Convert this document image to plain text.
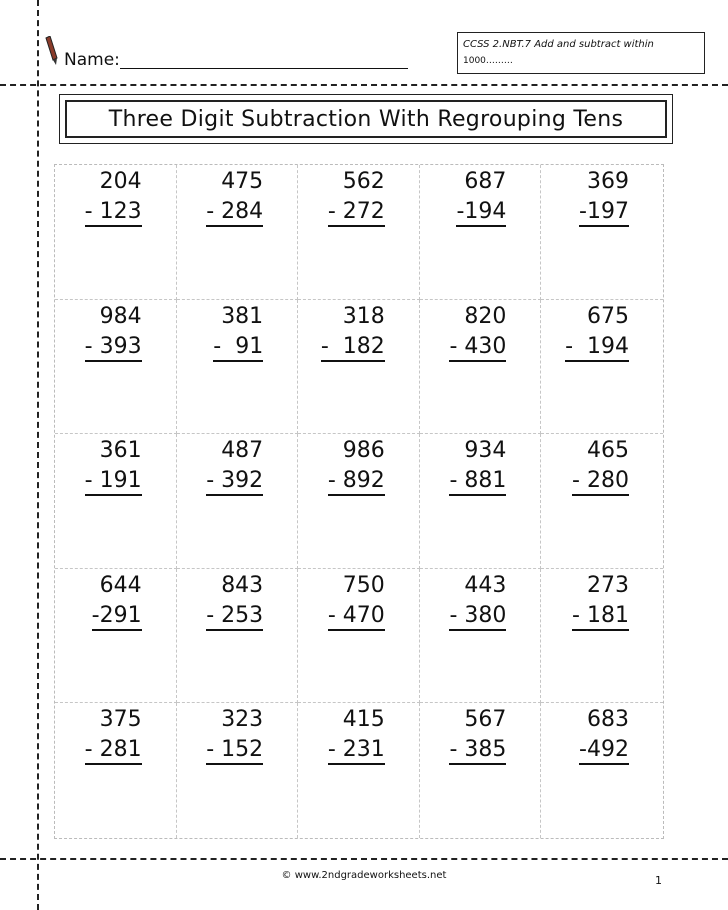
Name:
CCSS 2.NBT.7 Add and subtract within
1000………
Three Digit Subtraction With Regrouping Tens
204
- 123
475
- 284
562
- 272
687
-194
369
-197
984
- 393
381
-  91
318
-  182
820
- 430
675
-  194
361
- 191
487
- 392
986
- 892
934
- 881
465
- 280
644
-291
843
- 253
750
- 470
443
- 380
273
- 181
375
- 281
323
- 152
415
- 231
567
- 385
683
-492
© www.2ndgradeworksheets.net	1
